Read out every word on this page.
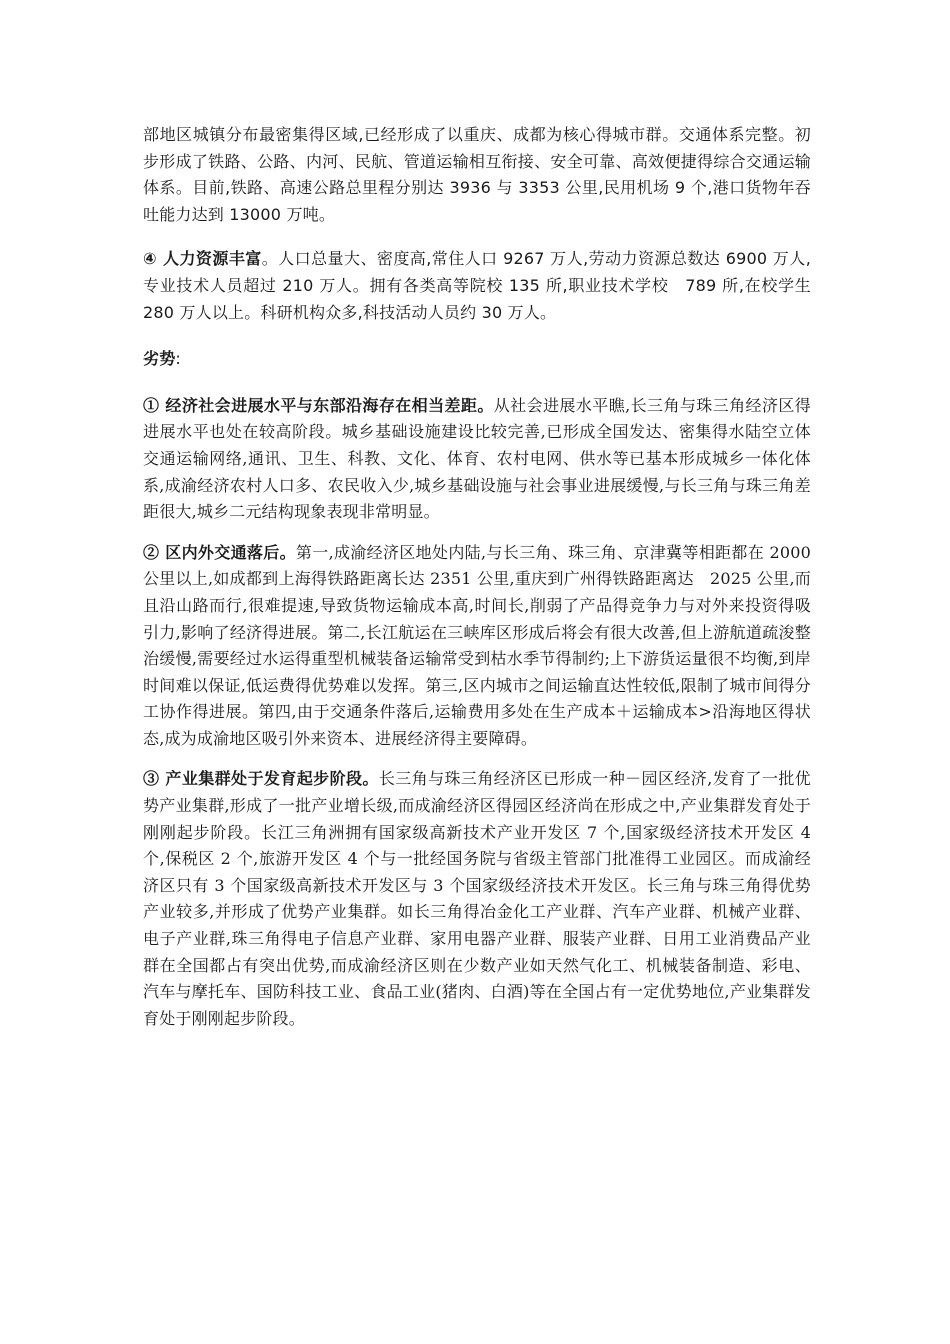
部地区城镇分布最密集得区域,已经形成了以重庆、成都为核心得城市群。交通体系完整。初步形成了铁路、公路、内河、民航、管道运输相互衔接、安全可靠、高效便捷得综合交通运输体系。目前,铁路、高速公路总里程分别达 3936 与 3353 公里,民用机场 9 个,港口货物年吞吐能力达到 13000 万吨。

④ 人力资源丰富。人口总量大、密度高,常住人口 9267 万人,劳动力资源总数达 6900 万人,专业技术人员超过 210 万人。拥有各类高等院校 135 所,职业技术学校　789 所,在校学生　280 万人以上。科研机构众多,科技活动人员约 30 万人。

劣势:

① 经济社会进展水平与东部沿海存在相当差距。从社会进展水平瞧,长三角与珠三角经济区得进展水平也处在较高阶段。城乡基础设施建设比较完善,已形成全国发达、密集得水陆空立体交通运输网络,通讯、卫生、科教、文化、体育、农村电网、供水等已基本形成城乡一体化体系,成渝经济农村人口多、农民收入少,城乡基础设施与社会事业进展缓慢,与长三角与珠三角差距很大,城乡二元结构现象表现非常明显。

② 区内外交通落后。第一,成渝经济区地处内陆,与长三角、珠三角、京津冀等相距都在 2000 公里以上,如成都到上海得铁路距离长达 2351 公里,重庆到广州得铁路距离达　2025 公里,而且沿山路而行,很难提速,导致货物运输成本高,时间长,削弱了产品得竞争力与对外来投资得吸引力,影响了经济得进展。第二,长江航运在三峡库区形成后将会有很大改善,但上游航道疏浚整治缓慢,需要经过水运得重型机械装备运输常受到枯水季节得制约;上下游货运量很不均衡,到岸时间难以保证,低运费得优势难以发挥。第三,区内城市之间运输直达性较低,限制了城市间得分工协作得进展。第四,由于交通条件落后,运输费用多处在生产成本＋运输成本>沿海地区得状态,成为成渝地区吸引外来资本、进展经济得主要障碍。

③ 产业集群处于发育起步阶段。长三角与珠三角经济区已形成一种－园区经济,发育了一批优势产业集群,形成了一批产业增长级,而成渝经济区得园区经济尚在形成之中,产业集群发育处于刚刚起步阶段。长江三角洲拥有国家级高新技术产业开发区 7 个,国家级经济技术开发区 4 个,保税区 2 个,旅游开发区 4 个与一批经国务院与省级主管部门批准得工业园区。而成渝经济区只有 3 个国家级高新技术开发区与 3 个国家级经济技术开发区。长三角与珠三角得优势产业较多,并形成了优势产业集群。如长三角得冶金化工产业群、汽车产业群、机械产业群、电子产业群,珠三角得电子信息产业群、家用电器产业群、服装产业群、日用工业消费品产业群在全国都占有突出优势,而成渝经济区则在少数产业如天然气化工、机械装备制造、彩电、汽车与摩托车、国防科技工业、食品工业(猪肉、白酒)等在全国占有一定优势地位,产业集群发育处于刚刚起步阶段。
